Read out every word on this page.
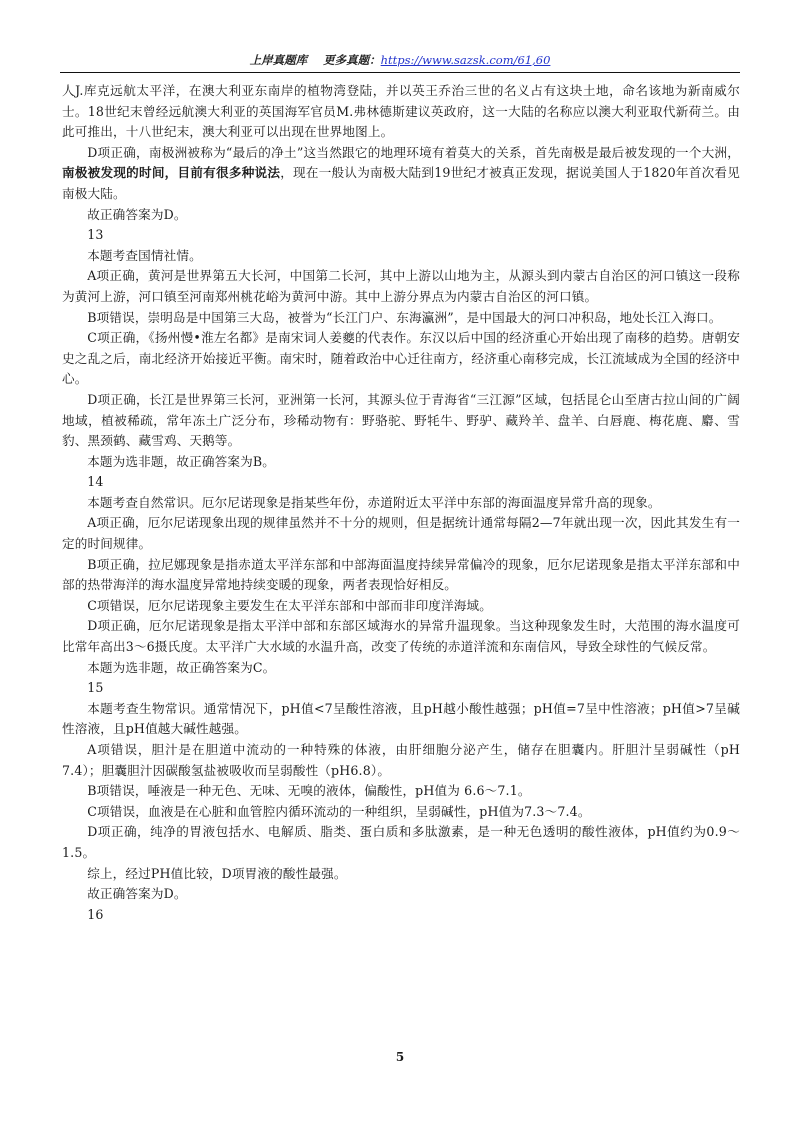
上岸真题库 更多真题：https://www.sazsk.com/61,60

人J.库克远航太平洋，在澳大利亚东南岸的植物湾登陆，并以英王乔治三世的名义占有这块土地，命名该地为新南威尔士。18世纪末曾经远航澳大利亚的英国海军官员M.弗林德斯建议英政府，这一大陆的名称应以澳大利亚取代新荷兰。由此可推出，十八世纪末，澳大利亚可以出现在世界地图上。

D项正确，南极洲被称为“最后的净土”这当然跟它的地理环境有着莫大的关系，首先南极是最后被发现的一个大洲，南极被发现的时间，目前有很多种说法，现在一般认为南极大陆到19世纪才被真正发现，据说美国人于1820年首次看见南极大陆。

故正确答案为D。

13

本题考查国情社情。

A项正确，黄河是世界第五大长河，中国第二长河，其中上游以山地为主，从源头到内蒙古自治区的河口镇这一段称为黄河上游，河口镇至河南郑州桃花峪为黄河中游。其中上游分界点为内蒙古自治区的河口镇。

B项错误，崇明岛是中国第三大岛，被誉为“长江门户、东海瀛洲”，是中国最大的河口冲积岛，地处长江入海口。

C项正确，《扬州慢•淮左名都》是南宋词人姜夔的代表作。东汉以后中国的经济重心开始出现了南移的趋势。唐朝安史之乱之后，南北经济开始接近平衡。南宋时，随着政治中心迁往南方，经济重心南移完成，长江流域成为全国的经济中心。

D项正确，长江是世界第三长河，亚洲第一长河，其源头位于青海省“三江源”区域，包括昆仑山至唐古拉山间的广阔地域，植被稀疏，常年冻土广泛分布，珍稀动物有：野骆驼、野牦牛、野驴、藏羚羊、盘羊、白唇鹿、梅花鹿、麝、雪豹、黑颈鹤、藏雪鸡、天鹅等。

本题为选非题，故正确答案为B。

14

本题考查自然常识。厄尔尼诺现象是指某些年份，赤道附近太平洋中东部的海面温度异常升高的现象。

A项正确，厄尔尼诺现象出现的规律虽然并不十分的规则，但是据统计通常每隔2—7年就出现一次，因此其发生有一定的时间规律。

B项正确，拉尼娜现象是指赤道太平洋东部和中部海面温度持续异常偏冷的现象，厄尔尼诺现象是指太平洋东部和中部的热带海洋的海水温度异常地持续变暖的现象，两者表现恰好相反。

C项错误，厄尔尼诺现象主要发生在太平洋东部和中部而非印度洋海域。

D项正确，厄尔尼诺现象是指太平洋中部和东部区域海水的异常升温现象。当这种现象发生时，大范围的海水温度可比常年高出3～6摄氏度。太平洋广大水域的水温升高，改变了传统的赤道洋流和东南信风，导致全球性的气候反常。

本题为选非题，故正确答案为C。

15

本题考查生物常识。通常情况下，pH值<7呈酸性溶液，且pH越小酸性越强；pH值=7呈中性溶液；pH值>7呈碱性溶液，且pH值越大碱性越强。

A项错误，胆汁是在胆道中流动的一种特殊的体液，由肝细胞分泌产生，储存在胆囊内。肝胆汁呈弱碱性（pH 7.4）；胆囊胆汁因碳酸氢盐被吸收而呈弱酸性（pH6.8）。

B项错误，唾液是一种无色、无味、无嗅的液体，偏酸性，pH值为 6.6～7.1。

C项错误，血液是在心脏和血管腔内循环流动的一种组织，呈弱碱性，pH值为7.3～7.4。

D项正确，纯净的胃液包括水、电解质、脂类、蛋白质和多肽激素，是一种无色透明的酸性液体，pH值约为0.9～1.5。

综上，经过PH值比较，D项胃液的酸性最强。

故正确答案为D。

16

5
